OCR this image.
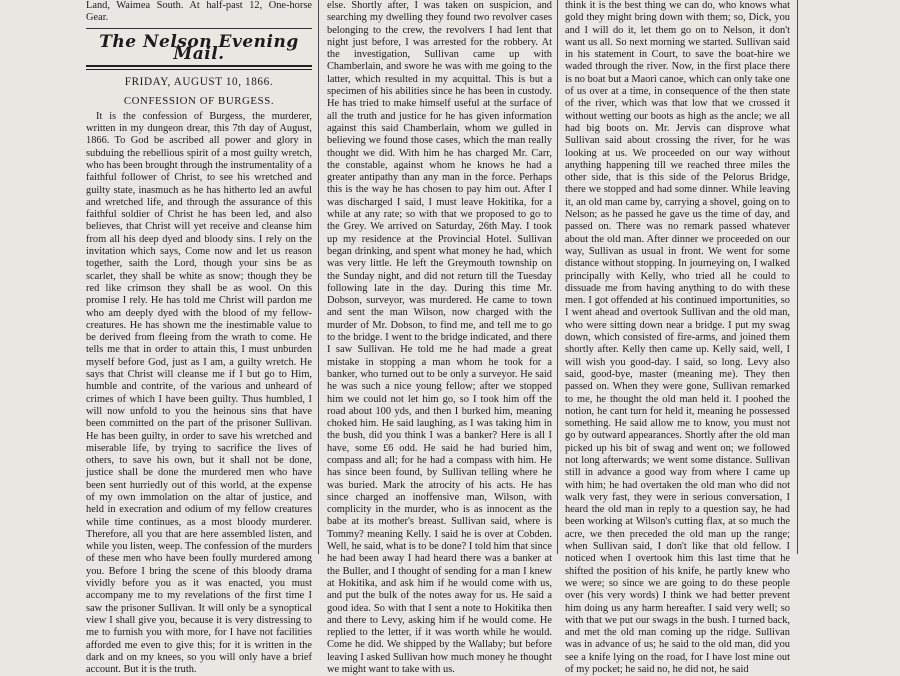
Land, Waimea South. At half-past 12, One-horse Gear.

The Nelson Evening Mail.
FRIDAY, AUGUST 10, 1866.
CONFESSION OF BURGESS.

It is the confession of Burgess, the murderer, written in my dungeon drear, this 7th day of August, 1866. To God be ascribed all power and glory in subduing the rebellious spirit of a most guilty wretch, who has been brought through the instrumentality of a faithful follower of Christ, to see his wretched and guilty state, inasmuch as he has hitherto led an awful and wretched life, and through the assurance of this faithful soldier of Christ he has been led, and also believes, that Christ will yet receive and cleanse him from all his deep dyed and bloody sins. I rely on the invitation which says, Come now and let us reason together, saith the Lord, though your sins be as scarlet, they shall be white as snow; though they be red like crimson they shall be as wool. On this promise I rely. He has told me Christ will pardon me who am deeply dyed with the blood of my fellow-creatures. He has shown me the inestimable value to be derived from fleeing from the wrath to come. He tells me that in order to attain this, I must unburden myself before God, just as I am, a guilty wretch. He says that Christ will cleanse me if I but go to Him, humble and contrite, of the various and unheard of crimes of which I have been guilty. Thus humbled, I will now unfold to you the heinous sins that have been committed on the part of the prisoner Sullivan. He has been guilty, in order to save his wretched and miserable life, by trying to sacrifice the lives of others, to save his own, but it shall not be done, justice shall be done the murdered men who have been sent hurriedly out of this world, at the expense of my own immolation on the altar of justice, and held in execration and odium of my fellow creatures while time continues, as a most bloody murderer. Therefore, all you that are here assembled listen, and while you listen, weep. The confession of the murders of these men who have been foully murdered among you. Before I bring the scene of this bloody drama vividly before you as it was enacted, you must accompany me to my revelations of the first time I saw the prisoner Sullivan. It will only be a synoptical view I shall give you, because it is very distressing to me to furnish you with more, for I have not facilities afforded me even to give this; for it is written in the dark and on my knees, so you will only have a brief account. But it is the truth.

else. Shortly after, I was taken on suspicion, and searching my dwelling they found two revolver cases belonging to the crew, the revolvers I had lent that night just before, I was arrested for the robbery. At the investigation, Sullivan came up with Chamberlain, and swore he was with me going to the latter, which resulted in my acquittal. This is but a specimen of his abilities since he has been in custody. He has tried to make himself useful at the surface of all the truth and justice for he has given information against this said Chamberlain, whom we gulled in believing we found those cases, which the man really thought we did. With him he has charged Mr. Carr, the constable, against whom he knows he had a greater antipathy than any man in the force. Perhaps this is the way he has chosen to pay him out. After I was discharged I said, I must leave Hokitika, for a while at any rate; so with that we proposed to go to the Grey. We arrived on Saturday, 26th May. I took up my residence at the Provincial Hotel. Sullivan began drinking, and spent what money he had, which was very little. He left the Greymouth township on the Sunday night, and did not return till the Tuesday following late in the day. During this time Mr. Dobson, surveyor, was murdered. He came to town and sent the man Wilson, now charged with the murder of Mr. Dobson, to find me, and tell me to go to the bridge. I went to the bridge indicated, and there I saw Sullivan. He told me he had made a great mistake in stopping a man whom he took for a banker, who turned out to be only a surveyor. He said he was such a nice young fellow; after we stopped him we could not let him go, so I took him off the road about 100 yds, and then I burked him, meaning choked him. He said laughing, as I was taking him in the bush, did you think I was a banker? Here is all I have, some £6 odd. He said he had buried him, compass and all; for he had a compass with him. He has since been found, by Sullivan telling where he was buried. Mark the atrocity of his acts. He has since charged an inoffensive man, Wilson, with complicity in the murder, who is as innocent as the babe at its mother's breast. Sullivan said, where is Tommy? meaning Kelly. I said he is over at Cobden. Well, he said, what is to be done? I told him that since he had been away I had heard there was a banker at the Buller, and I thought of sending for a man I knew at Hokitika, and ask him if he would come with us, and put the bulk of the notes away for us. He said a good idea. So with that I sent a note to Hokitika then and there to Levy, asking him if he would come. He replied to the letter, if it was worth while he would. Come he did. We shipped by the Wallaby; but before leaving I asked Sullivan how much money he thought we might want to take with us.

think it is the best thing we can do, who knows what gold they might bring down with them; so, Dick, you and I will do it, let them go on to Nelson, it don't want us all. So next morning we started. Sullivan said in his statement in Court, to save the boat-hire we waded through the river. Now, in the first place there is no boat but a Maori canoe, which can only take one of us over at a time, in consequence of the then state of the river, which was that low that we crossed it without wetting our boots as high as the ancle; we all had big boots on. Mr. Jervis can disprove what Sullivan said about crossing the river, for he was looking at us. We proceeded on our way without anything happening till we reached three miles the other side, that is this side of the Pelorus Bridge, there we stopped and had some dinner. While leaving it, an old man came by, carrying a shovel, going on to Nelson; as he passed he gave us the time of day, and passed on. There was no remark passed whatever about the old man. After dinner we proceeded on our way, Sullivan as usual in front. We went for some distance without stopping. In journeying on, I walked principally with Kelly, who tried all he could to dissuade me from having anything to do with these men. I got offended at his continued importunities, so I went ahead and overtook Sullivan and the old man, who were sitting down near a bridge. I put my swag down, which consisted of fire-arms, and joined them shortly after. Kelly then came up. Kelly said, well, I will wish you good-day. I said, so long. Levy also said, good-bye, master (meaning me). They then passed on. When they were gone, Sullivan remarked to me, he thought the old man held it. I poohed the notion, he cant turn for held it, meaning he possessed something. He said allow me to know, you must not go by outward appearances. Shortly after the old man picked up his bit of swag and went on; we followed not long afterwards; we went some distance. Sullivan still in advance a good way from where I came up with him; he had overtaken the old man who did not walk very fast, they were in serious conversation, I heard the old man in reply to a question say, he had been working at Wilson's cutting flax, at so much the acre, we then preceded the old man up the range; when Sullivan said, I don't like that old fellow. I noticed when I overtook him this last time that he shifted the position of his knife, he partly knew who we were; so since we are going to do these people over (his very words) I think we had better prevent him doing us any harm hereafter. I said very well; so with that we put our swags in the bush. I turned back, and met the old man coming up the ridge. Sullivan was in advance of us; he said to the old man, did you see a knife lying on the road, for I have lost mine out of my pocket; he said no, he did not, he said
